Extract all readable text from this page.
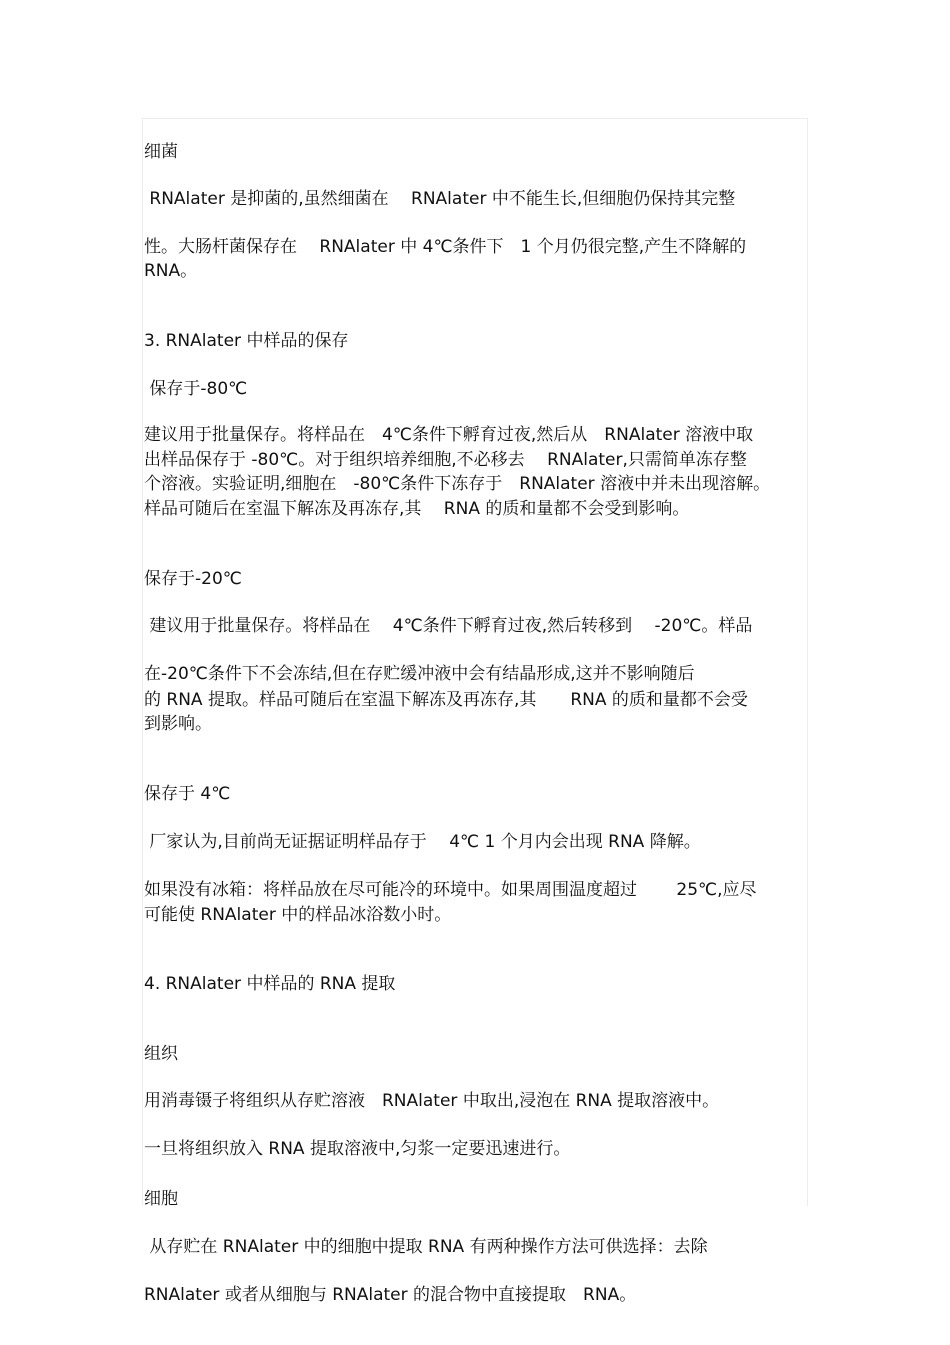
细菌

RNAlater 是抑菌的,虽然细菌在　 RNAlater 中不能生长,但细胞仍保持其完整

性。大肠杆菌保存在　 RNAlater 中 4℃条件下　1 个月仍很完整,产生不降解的

RNA。

3. RNAlater 中样品的保存

保存于-80℃

建议用于批量保存。将样品在　4℃条件下孵育过夜,然后从　RNAlater 溶液中取

出样品保存于 -80℃。对于组织培养细胞,不必移去　 RNAlater,只需简单冻存整

个溶液。实验证明,细胞在　-80℃条件下冻存于　RNAlater 溶液中并未出现溶解。

样品可随后在室温下解冻及再冻存,其　 RNA 的质和量都不会受到影响。

保存于-20℃

建议用于批量保存。将样品在　 4℃条件下孵育过夜,然后转移到　 -20℃。样品

在-20℃条件下不会冻结,但在存贮缓冲液中会有结晶形成,这并不影响随后

的 RNA 提取。样品可随后在室温下解冻及再冻存,其　　RNA 的质和量都不会受

到影响。

保存于 4℃

厂家认为,目前尚无证据证明样品存于　 4℃ 1 个月内会出现 RNA 降解。

如果没有冰箱：将样品放在尽可能冷的环境中。如果周围温度超过　　 25℃,应尽

可能使 RNAlater 中的样品冰浴数小时。

4. RNAlater 中样品的 RNA 提取

组织

用消毒镊子将组织从存贮溶液　RNAlater 中取出,浸泡在 RNA 提取溶液中。

一旦将组织放入 RNA 提取溶液中,匀浆一定要迅速进行。

细胞

从存贮在 RNAlater 中的细胞中提取 RNA 有两种操作方法可供选择：去除

RNAlater 或者从细胞与 RNAlater 的混合物中直接提取　RNA。
